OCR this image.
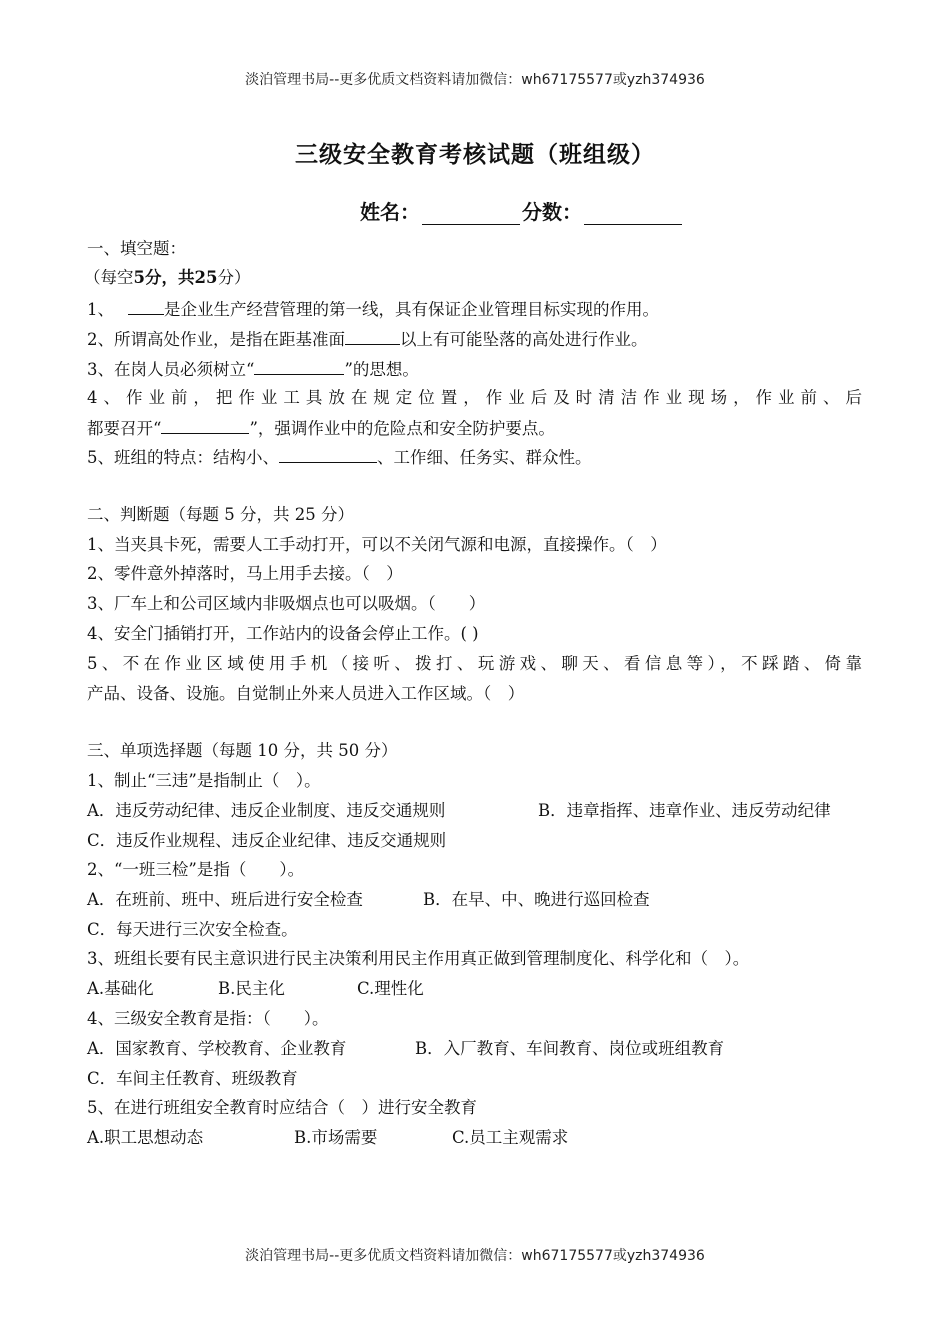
淡泊管理书局--更多优质文档资料请加微信：wh67175577或yzh374936
三级安全教育考核试题（班组级）
姓名：	分数：
一、填空题：
（每空5分，共25分）
1、	是企业生产经营管理的第一线，具有保证企业管理目标实现的作用。
2、所谓高处作业，是指在距基准面	以上有可能坠落的高处进行作业。
3、在岗人员必须树立“	”的思想。
4、作业前，把作业工具放在规定位置，作业后及时清洁作业现场，作业前、后
都要召开“	”，强调作业中的危险点和安全防护要点。
5、班组的特点：结构小、	、工作细、任务实、群众性。
二、判断题（每题 5 分，共 25 分）
1、当夹具卡死，需要人工手动打开，可以不关闭气源和电源，直接操作。（　）
2、零件意外掉落时，马上用手去接。（　）
3、厂车上和公司区域内非吸烟点也可以吸烟。（　　）
4、安全门插销打开，工作站内的设备会停止工作。( )
5、不在作业区域使用手机（接听、拨打、玩游戏、聊天、看信息等），不踩踏、倚靠
产品、设备、设施。自觉制止外来人员进入工作区域。（　）
三、单项选择题（每题 10 分，共 50 分）
1、制止“三违”是指制止（　）。
A．违反劳动纪律、违反企业制度、违反交通规则	B．违章指挥、违章作业、违反劳动纪律
C．违反作业规程、违反企业纪律、违反交通规则
2、“一班三检”是指（　　）。
A．在班前、班中、班后进行安全检查	B．在早、中、晚进行巡回检查
C．每天进行三次安全检查。
3、班组长要有民主意识进行民主决策利用民主作用真正做到管理制度化、科学化和（　）。
A.基础化	B.民主化	C.理性化
4、三级安全教育是指：（　　）。
A．国家教育、学校教育、企业教育	B．入厂教育、车间教育、岗位或班组教育
C．车间主任教育、班级教育
5、在进行班组安全教育时应结合（　）进行安全教育
A.职工思想动态	B.市场需要	C.员工主观需求
淡泊管理书局--更多优质文档资料请加微信：wh67175577或yzh374936
